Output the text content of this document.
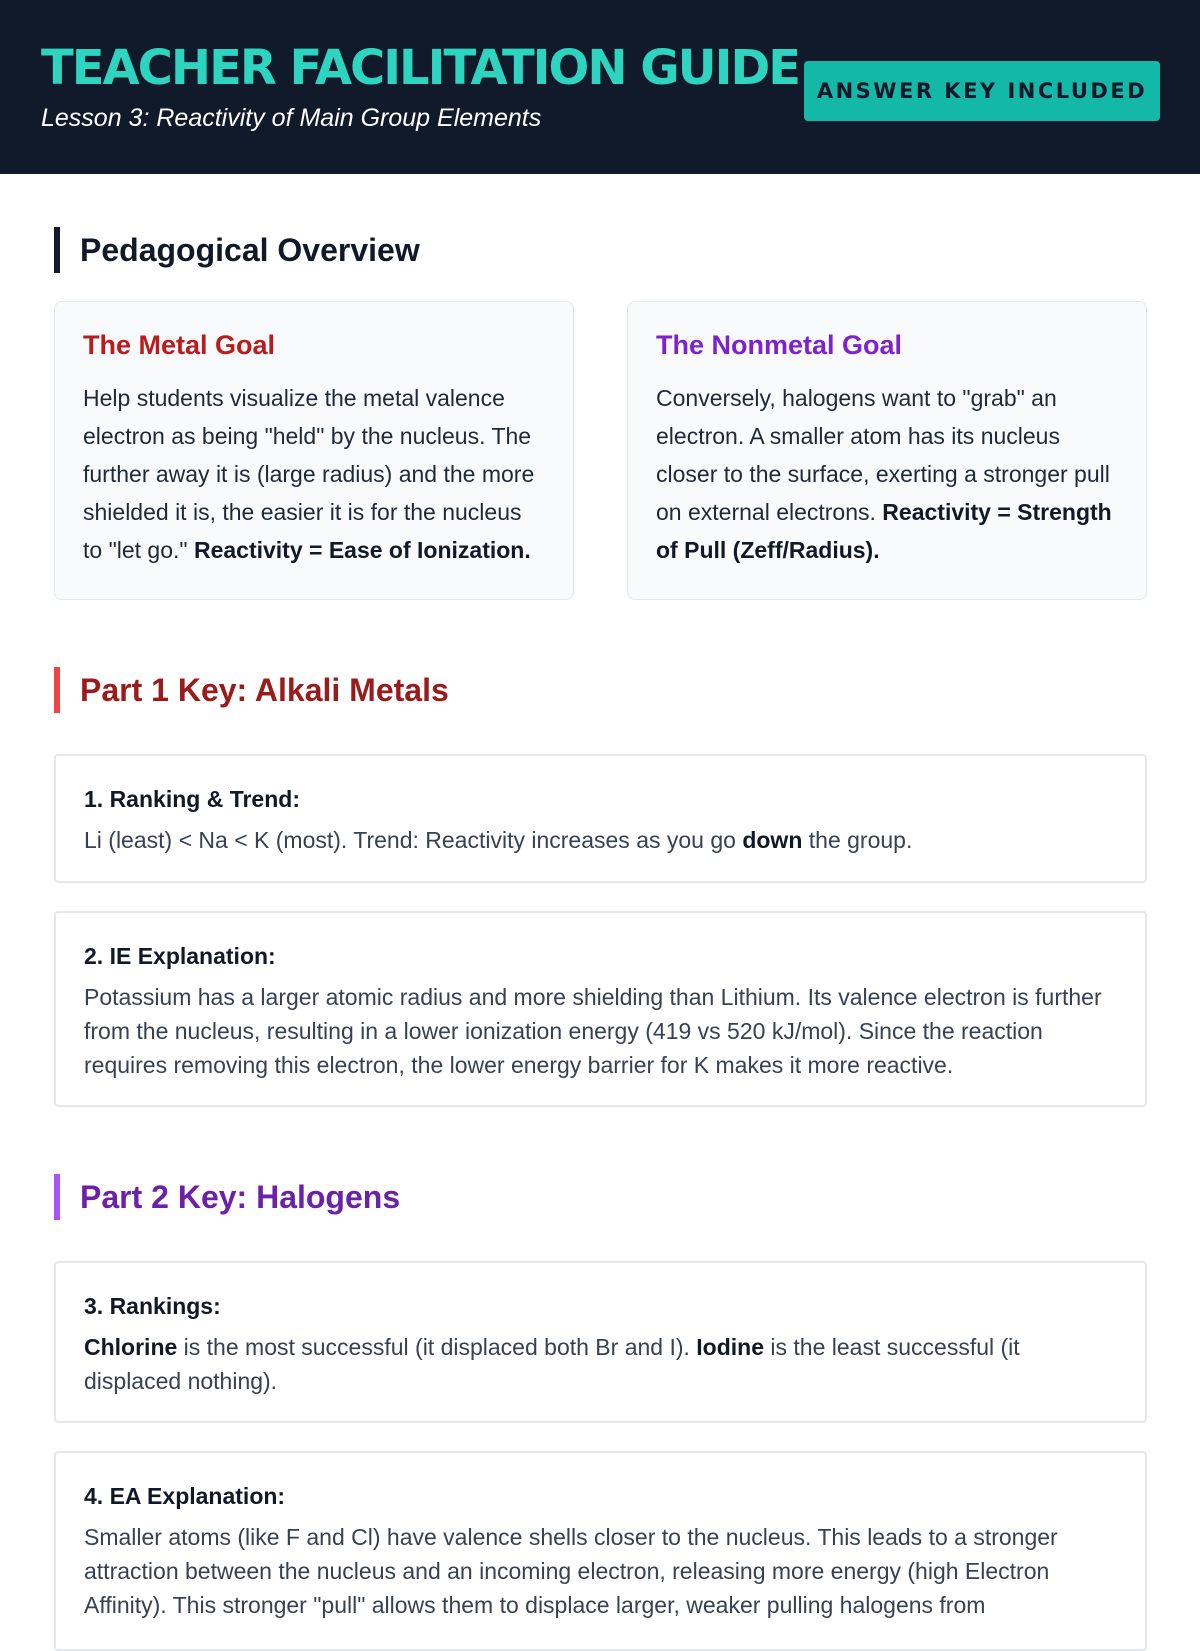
TEACHER FACILITATION GUIDE
Lesson 3: Reactivity of Main Group Elements
ANSWER KEY INCLUDED
Pedagogical Overview
The Metal Goal
Help students visualize the metal valence electron as being "held" by the nucleus. The further away it is (large radius) and the more shielded it is, the easier it is for the nucleus to "let go." Reactivity = Ease of Ionization.
The Nonmetal Goal
Conversely, halogens want to "grab" an electron. A smaller atom has its nucleus closer to the surface, exerting a stronger pull on external electrons. Reactivity = Strength of Pull (Zeff/Radius).
Part 1 Key: Alkali Metals
1. Ranking & Trend:
Li (least) < Na < K (most). Trend: Reactivity increases as you go down the group.
2. IE Explanation:
Potassium has a larger atomic radius and more shielding than Lithium. Its valence electron is further from the nucleus, resulting in a lower ionization energy (419 vs 520 kJ/mol). Since the reaction requires removing this electron, the lower energy barrier for K makes it more reactive.
Part 2 Key: Halogens
3. Rankings:
Chlorine is the most successful (it displaced both Br and I). Iodine is the least successful (it displaced nothing).
4. EA Explanation:
Smaller atoms (like F and Cl) have valence shells closer to the nucleus. This leads to a stronger attraction between the nucleus and an incoming electron, releasing more energy (high Electron Affinity). This stronger "pull" allows them to displace larger, weaker pulling halogens from
